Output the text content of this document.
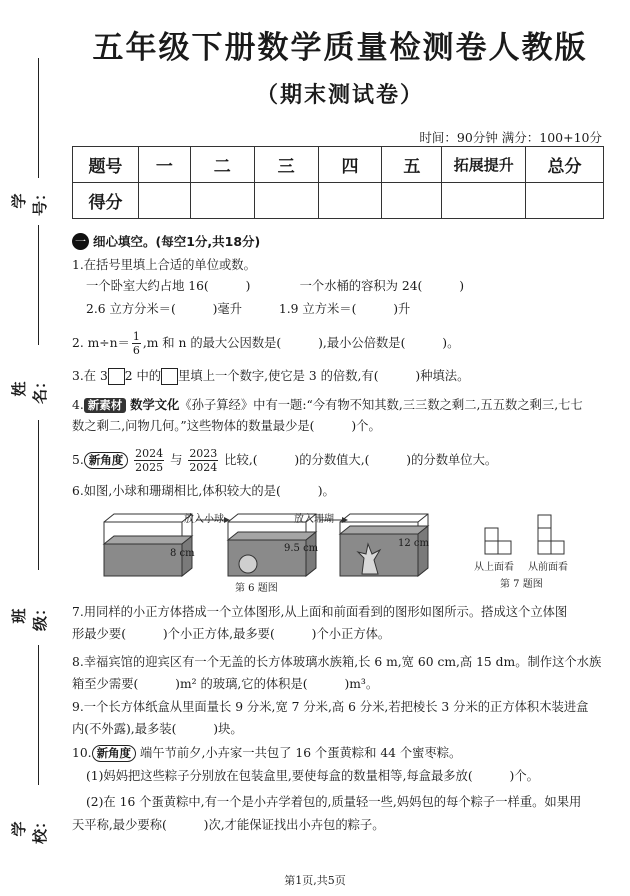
学号：
姓名：
班级：
学校：
五年级下册数学质量检测卷人教版
（期末测试卷）
时间：90分钟 满分：100+10分
题号	一	二	三	四	五	拓展提升	总分
得分							
一 细心填空。(每空1分,共18分)
1.在括号里填上合适的单位或数。
一个卧室大约占地 16(　　　)　　　　一个水桶的容积为 24(　　　)
2.6 立方分米＝(　　　)毫升　　　1.9 立方米＝(　　　)升
2. $m\div n= \frac{1}{6} ,m$ 和 n 的最大公因数是(　　　),最小公倍数是(　　　)。
3.在 3 2 中的 里填上一个数字,使它是 3 的倍数,有(　　　)种填法。
4. 新素材 数学文化《孙子算经》中有一题:“今有物不知其数,三三数之剩二,五五数之剩三,七七
数之剩二,问物几何。”这些物体的数量最少是(　　　)个。
5. 新角度 $\frac{2024}{2025}$ 与 $\frac{2023}{2024}$ 比较,(　　　)的分数值大,(　　　)的分数单位大。
6.如图,小球和珊瑚相比,体积较大的是(　　　)。
放入小球	放入珊瑚
8 cm	9.5 cm	12 cm
第 6 题图
从上面看 从前面看
第 7 题图
7.用同样的小正方体搭成一个立体图形,从上面和前面看到的图形如图所示。搭成这个立体图
形最少要(　　　)个小正方体,最多要(　　　)个小正方体。
8.幸福宾馆的迎宾区有一个无盖的长方体玻璃水族箱,长 6 m,宽 60 cm,高 15 dm。制作这个水族
箱至少需要(　　　)m² 的玻璃,它的体积是(　　　)m³。
9.一个长方体纸盒从里面量长 9 分米,宽 7 分米,高 6 分米,若把棱长 3 分米的正方体积木装进盒
内(不外露),最多装(　　　)块。
10. 新角度 端午节前夕,小卉家一共包了 16 个蛋黄粽和 44 个蜜枣粽。
(1)妈妈把这些粽子分别放在包装盒里,要使每盒的数量相等,每盒最多放(　　　)个。
(2)在 16 个蛋黄粽中,有一个是小卉学着包的,质量轻一些,妈妈包的每个粽子一样重。如果用
天平称,最少要称(　　　)次,才能保证找出小卉包的粽子。
第1页,共5页
